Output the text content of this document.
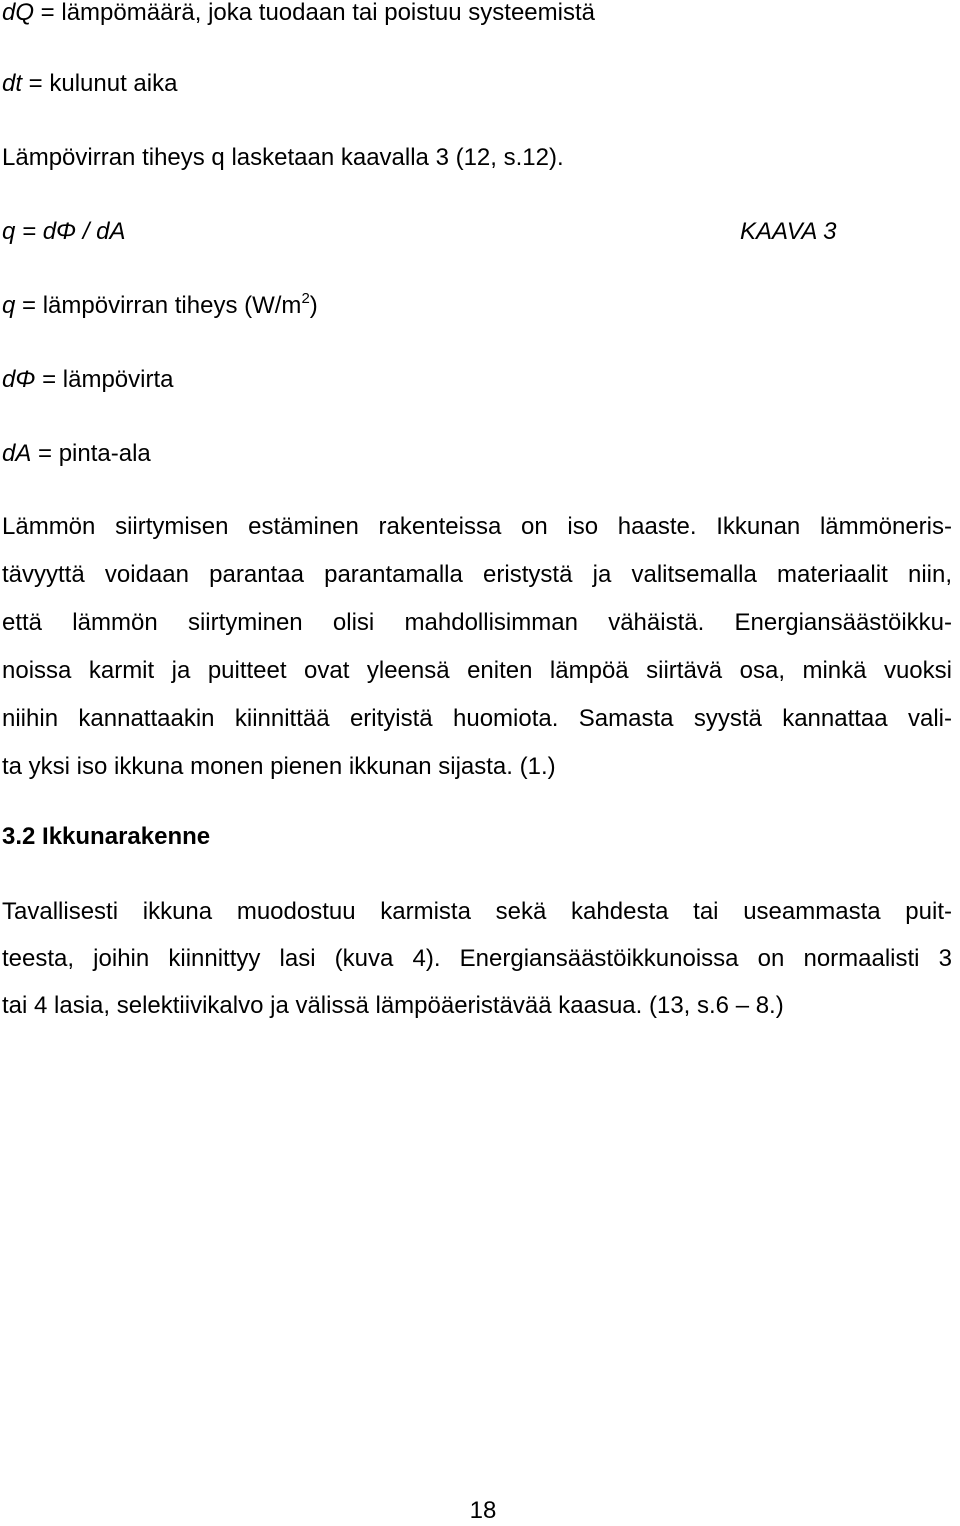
dQ = lämpömäärä, joka tuodaan tai poistuu systeemistä
dt = kulunut aika
Lämpövirran tiheys q lasketaan kaavalla 3 (12, s.12).
q = dΦ / dA	KAAVA 3
q = lämpövirran tiheys $(W/m^2)$
dΦ = lämpövirta
dA = pinta-ala
Lämmön siirtymisen estäminen rakenteissa on iso haaste. Ikkunan lämmöneris-
tävyyttä voidaan parantaa parantamalla eristystä ja valitsemalla materiaalit niin,
että lämmön siirtyminen olisi mahdollisimman vähäistä. Energiansäästöikku-
noissa karmit ja puitteet ovat yleensä eniten lämpöä siirtävä osa, minkä vuoksi
niihin kannattaakin kiinnittää erityistä huomiota. Samasta syystä kannattaa vali-
ta yksi iso ikkuna monen pienen ikkunan sijasta. (1.)
3.2 Ikkunarakenne
Tavallisesti ikkuna muodostuu karmista sekä kahdesta tai useammasta puit-
teesta, joihin kiinnittyy lasi (kuva 4). Energiansäästöikkunoissa on normaalisti 3
tai 4 lasia, selektiivikalvo ja välissä lämpöäeristävää kaasua. (13, s.6 – 8.)
18
